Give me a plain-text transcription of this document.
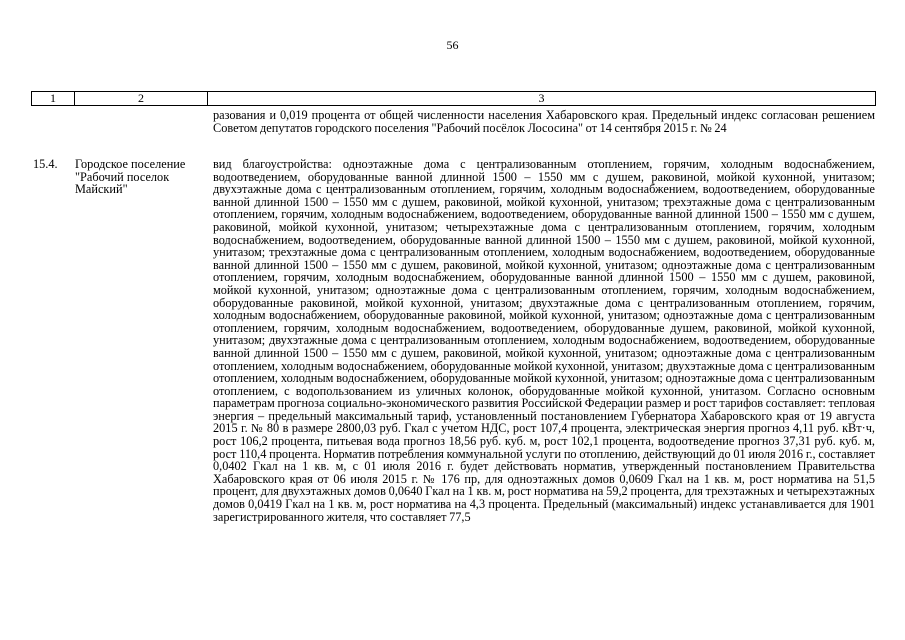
56
1	2	3
разования и 0,019 процента от общей численности населения Хабаровского края. Предельный индекс согласован решением Советом депутатов городского поселения "Рабочий посёлок Лососина" от 14 сентября 2015 г. № 24
15.4. Городское поселение "Рабочий поселок Майский"
вид благоустройства: одноэтажные дома с централизованным отоплением, горячим, холодным водоснабжением, водоотведением, оборудованные ванной длинной 1500 – 1550 мм с душем, раковиной, мойкой кухонной, унитазом; двухэтажные дома с централизованным отоплением, горячим, холодным водоснабжением, водоотведением, оборудованные ванной длинной 1500 – 1550 мм с душем, раковиной, мойкой кухонной, унитазом; трехэтажные дома с централизованным отоплением, горячим, холодным водоснабжением, водоотведением, оборудованные ванной длинной 1500 – 1550 мм с душем, раковиной, мойкой кухонной, унитазом; четырехэтажные дома с централизованным отоплением, горячим, холодным водоснабжением, водоотведением, оборудованные ванной длинной 1500 – 1550 мм с душем, раковиной, мойкой кухонной, унитазом; трехэтажные дома с централизованным отоплением, холодным водоснабжением, водоотведением, оборудованные ванной длинной 1500 – 1550 мм с душем, раковиной, мойкой кухонной, унитазом; одноэтажные дома с централизованным отоплением, горячим, холодным водоснабжением, оборудованные ванной длинной 1500 – 1550 мм с душем, раковиной, мойкой кухонной, унитазом; одноэтажные дома с централизованным отоплением, горячим, холодным водоснабжением, оборудованные раковиной, мойкой кухонной, унитазом; двухэтажные дома с централизованным отоплением, горячим, холодным водоснабжением, оборудованные раковиной, мойкой кухонной, унитазом; одноэтажные дома с централизованным отоплением, горячим, холодным водоснабжением, водоотведением, оборудованные душем, раковиной, мойкой кухонной, унитазом; двухэтажные дома с централизованным отоплением, холодным водоснабжением, водоотведением, оборудованные ванной длинной 1500 – 1550 мм с душем, раковиной, мойкой кухонной, унитазом; одноэтажные дома с централизованным отоплением, холодным водоснабжением, оборудованные мойкой кухонной, унитазом; двухэтажные дома с централизованным отоплением, холодным водоснабжением, оборудованные мойкой кухонной, унитазом; одноэтажные дома с централизованным отоплением, с водопользованием из уличных колонок, оборудованные мойкой кухонной, унитазом. Согласно основным параметрам прогноза социально-экономического развития Российской Федерации размер и рост тарифов составляет: тепловая энергия – предельный максимальный тариф, установленный постановлением Губернатора Хабаровского края от 19 августа 2015 г. № 80 в размере 2800,03 руб. Гкал с учетом НДС, рост 107,4 процента, электрическая энергия прогноз 4,11 руб. кВт·ч, рост 106,2 процента, питьевая вода прогноз 18,56 руб. куб. м, рост 102,1 процента, водоотведение прогноз 37,31 руб. куб. м, рост 110,4 процента. Норматив потребления коммунальной услуги по отоплению, действующий до 01 июля 2016 г., составляет 0,0402 Гкал на 1 кв. м, с 01 июля 2016 г. будет действовать норматив, утвержденный постановлением Правительства Хабаровского края от 06 июля 2015 г. № 176 пр, для одноэтажных домов 0,0609 Гкал на 1 кв. м, рост норматива на 51,5 процент, для двухэтажных домов 0,0640 Гкал на 1 кв. м, рост норматива на 59,2 процента, для трехэтажных и четырехэтажных домов 0,0419 Гкал на 1 кв. м, рост норматива на 4,3 процента. Предельный (максимальный) индекс устанавливается для 1901 зарегистрированного жителя, что составляет 77,5
